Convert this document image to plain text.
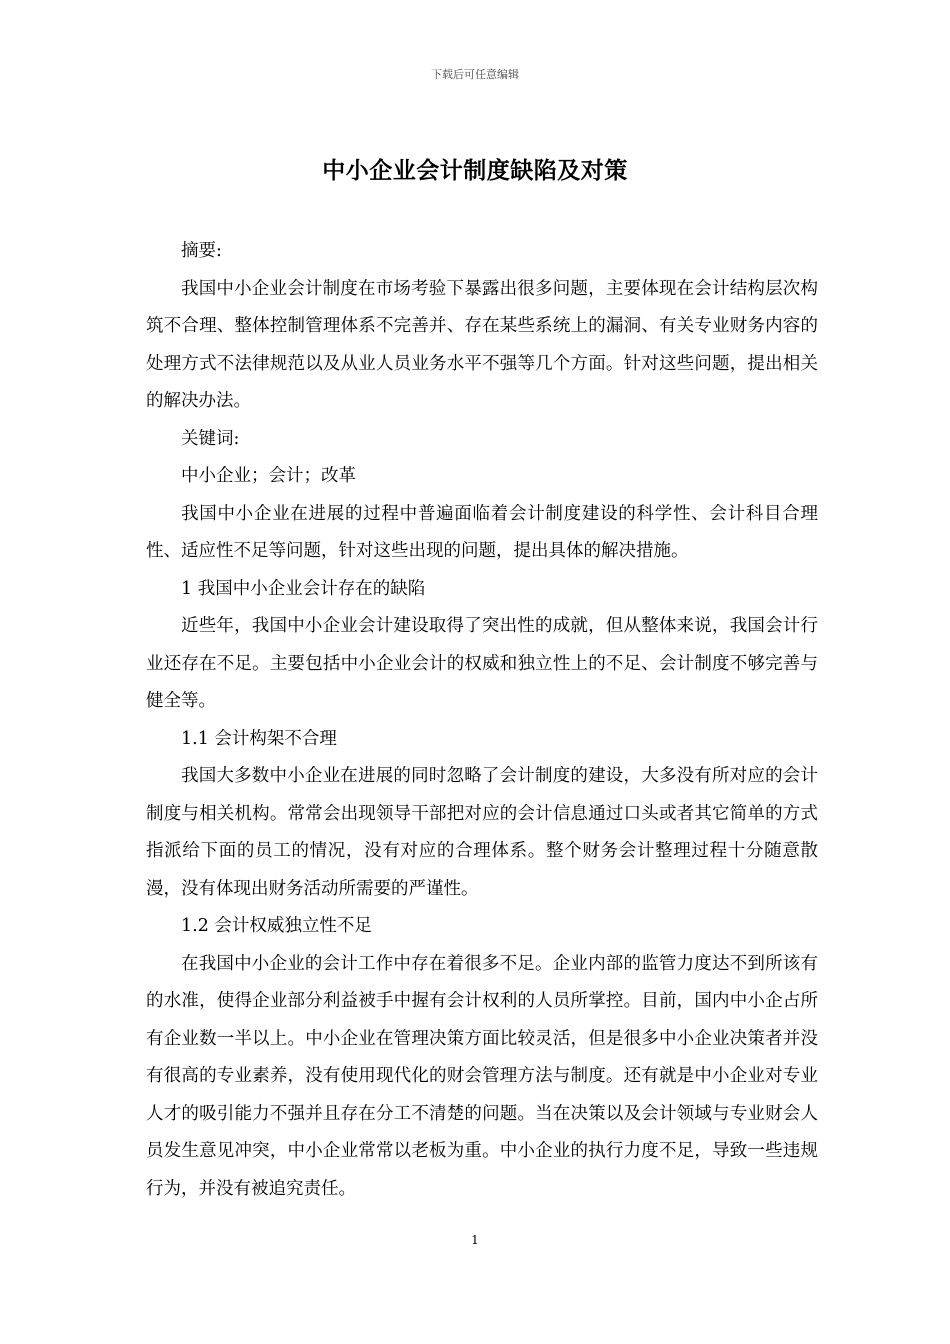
下载后可任意编辑
中小企业会计制度缺陷及对策

摘要:

我国中小企业会计制度在市场考验下暴露出很多问题，主要体现在会计结构层次构筑不合理、整体控制管理体系不完善并、存在某些系统上的漏洞、有关专业财务内容的处理方式不法律规范以及从业人员业务水平不强等几个方面。针对这些问题，提出相关的解决办法。

关键词:

中小企业；会计；改革

我国中小企业在进展的过程中普遍面临着会计制度建设的科学性、会计科目合理性、适应性不足等问题，针对这些出现的问题，提出具体的解决措施。

1 我国中小企业会计存在的缺陷

近些年，我国中小企业会计建设取得了突出性的成就，但从整体来说，我国会计行业还存在不足。主要包括中小企业会计的权威和独立性上的不足、会计制度不够完善与健全等。

1.1 会计构架不合理

我国大多数中小企业在进展的同时忽略了会计制度的建设，大多没有所对应的会计制度与相关机构。常常会出现领导干部把对应的会计信息通过口头或者其它简单的方式指派给下面的员工的情况，没有对应的合理体系。整个财务会计整理过程十分随意散漫，没有体现出财务活动所需要的严谨性。

1.2 会计权威独立性不足

在我国中小企业的会计工作中存在着很多不足。企业内部的监管力度达不到所该有的水准，使得企业部分利益被手中握有会计权利的人员所掌控。目前，国内中小企占所有企业数一半以上。中小企业在管理决策方面比较灵活，但是很多中小企业决策者并没有很高的专业素养，没有使用现代化的财会管理方法与制度。还有就是中小企业对专业人才的吸引能力不强并且存在分工不清楚的问题。当在决策以及会计领域与专业财会人员发生意见冲突，中小企业常常以老板为重。中小企业的执行力度不足，导致一些违规行为，并没有被追究责任。

1
